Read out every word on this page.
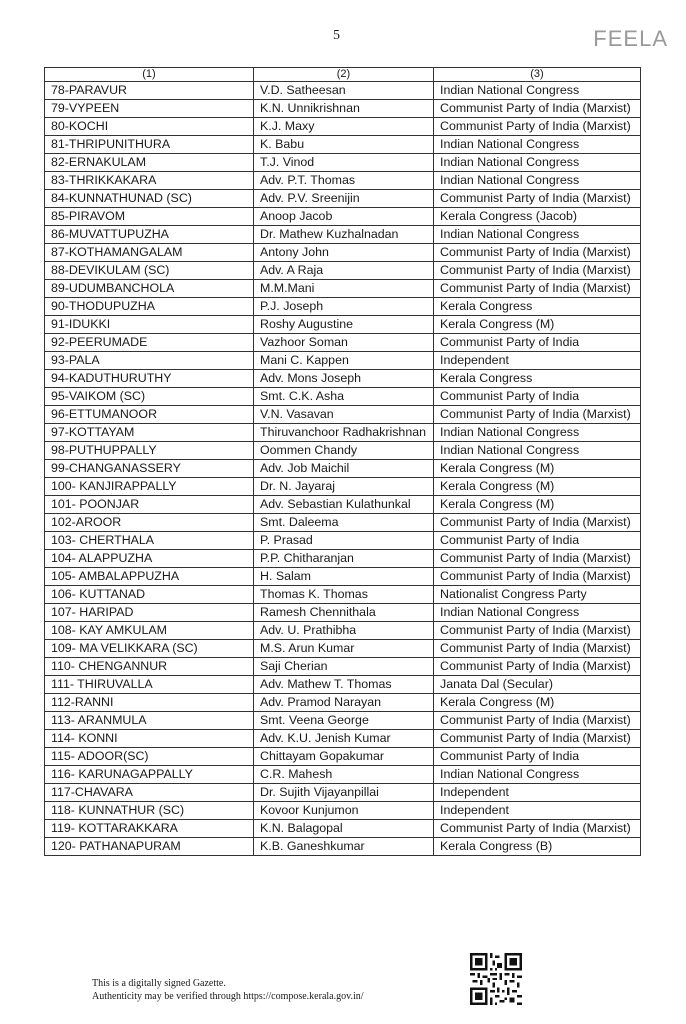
5	FEELA
(1)	(2)	(3)
78-PARAVUR	V.D. Satheesan	Indian National Congress
79-VYPEEN	K.N. Unnikrishnan	Communist Party of India (Marxist)
80-KOCHI	K.J. Maxy	Communist Party of India (Marxist)
81-THRIPUNITHURA	K. Babu	Indian National Congress
82-ERNAKULAM	T.J. Vinod	Indian National Congress
83-THRIKKAKARA	Adv. P.T. Thomas	Indian National Congress
84-KUNNATHUNAD (SC)	Adv. P.V. Sreenijin	Communist Party of India (Marxist)
85-PIRAVOM	Anoop Jacob	Kerala Congress (Jacob)
86-MUVATTUPUZHA	Dr. Mathew Kuzhalnadan	Indian National Congress
87-KOTHAMANGALAM	Antony John	Communist Party of India (Marxist)
88-DEVIKULAM (SC)	Adv. A Raja	Communist Party of India (Marxist)
89-UDUMBANCHOLA	M.M.Mani	Communist Party of India (Marxist)
90-THODUPUZHA	P.J. Joseph	Kerala Congress
91-IDUKKI	Roshy Augustine	Kerala Congress (M)
92-PEERUMADE	Vazhoor Soman	Communist Party of India
93-PALA	Mani C. Kappen	Independent
94-KADUTHURUTHY	Adv. Mons Joseph	Kerala Congress
95-VAIKOM (SC)	Smt. C.K. Asha	Communist Party of India
96-ETTUMANOOR	V.N. Vasavan	Communist Party of India (Marxist)
97-KOTTAYAM	Thiruvanchoor Radhakrishnan	Indian National Congress
98-PUTHUPPALLY	Oommen Chandy	Indian National Congress
99-CHANGANASSERY	Adv. Job Maichil	Kerala Congress (M)
100- KANJIRAPPALLY	Dr. N. Jayaraj	Kerala Congress (M)
101- POONJAR	Adv. Sebastian Kulathunkal	Kerala Congress (M)
102-AROOR	Smt. Daleema	Communist Party of India (Marxist)
103- CHERTHALA	P. Prasad	Communist Party of India
104- ALAPPUZHA	P.P. Chitharanjan	Communist Party of India (Marxist)
105- AMBALAPPUZHA	H. Salam	Communist Party of India (Marxist)
106- KUTTANAD	Thomas K. Thomas	Nationalist Congress Party
107- HARIPAD	Ramesh Chennithala	Indian National Congress
108- KAY AMKULAM	Adv. U. Prathibha	Communist Party of India (Marxist)
109- MA VELIKKARA (SC)	M.S. Arun Kumar	Communist Party of India (Marxist)
110- CHENGANNUR	Saji Cherian	Communist Party of India (Marxist)
111- THIRUVALLA	Adv. Mathew T. Thomas	Janata Dal (Secular)
112-RANNI	Adv. Pramod Narayan	Kerala Congress (M)
113- ARANMULA	Smt. Veena George	Communist Party of India (Marxist)
114- KONNI	Adv. K.U. Jenish Kumar	Communist Party of India (Marxist)
115- ADOOR(SC)	Chittayam Gopakumar	Communist Party of India
116- KARUNAGAPPALLY	C.R. Mahesh	Indian National Congress
117-CHAVARA	Dr. Sujith Vijayanpillai	Independent
118- KUNNATHUR (SC)	Kovoor Kunjumon	Independent
119- KOTTARAKKARA	K.N. Balagopal	Communist Party of India (Marxist)
120- PATHANAPURAM	K.B. Ganeshkumar	Kerala Congress (B)
This is a digitally signed Gazette.
Authenticity may be verified through https://compose.kerala.gov.in/
